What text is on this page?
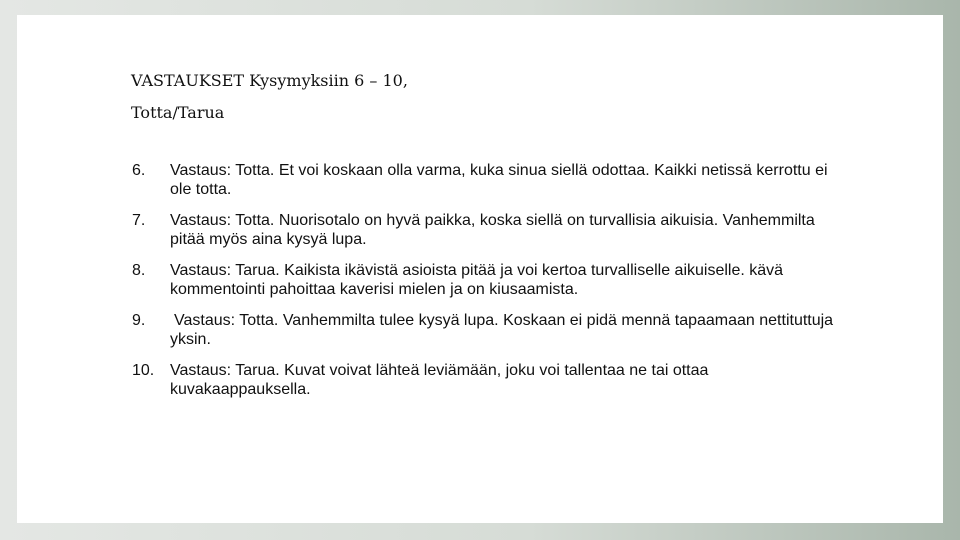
VASTAUKSET Kysymyksiin 6 – 10,
Totta/Tarua
6. Vastaus: Totta. Et voi koskaan olla varma, kuka sinua siellä odottaa. Kaikki netissä kerrottu ei ole totta.
7. Vastaus: Totta. Nuorisotalo on hyvä paikka, koska siellä on turvallisia aikuisia. Vanhemmilta pitää myös aina kysyä lupa.
8. Vastaus: Tarua. Kaikista ikävistä asioista pitää ja voi kertoa turvalliselle aikuiselle. kävä kommentointi pahoittaa kaverisi mielen ja on kiusaamista.
9. Vastaus: Totta. Vanhemmilta tulee kysyä lupa. Koskaan ei pidä mennä tapaamaan nettituttuja yksin.
10. Vastaus: Tarua. Kuvat voivat lähteä leviämään, joku voi tallentaa ne tai ottaa kuvakaappauksella.
